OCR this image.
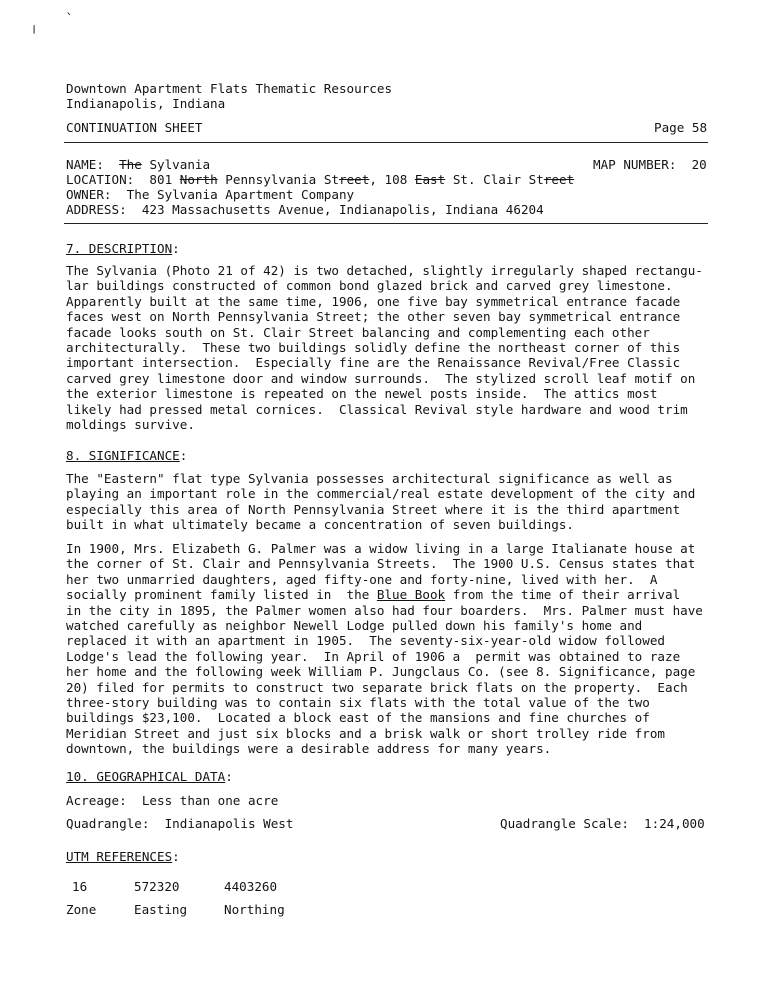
╷ `
Downtown Apartment Flats Thematic Resources
Indianapolis, Indiana
CONTINUATION SHEET	Page 58
NAME: The Sylvania	MAP NUMBER: 20
LOCATION: 801 North Pennsylvania Street, 108 East St. Clair Street
OWNER: The Sylvania Apartment Company
ADDRESS: 423 Massachusetts Avenue, Indianapolis, Indiana 46204
7. DESCRIPTION:
The Sylvania (Photo 21 of 42) is two detached, slightly irregularly shaped rectangu-
lar buildings constructed of common bond glazed brick and carved grey limestone.
Apparently built at the same time, 1906, one five bay symmetrical entrance facade
faces west on North Pennsylvania Street; the other seven bay symmetrical entrance
facade looks south on St. Clair Street balancing and complementing each other
architecturally.  These two buildings solidly define the northeast corner of this
important intersection.  Especially fine are the Renaissance Revival/Free Classic
carved grey limestone door and window surrounds.  The stylized scroll leaf motif on
the exterior limestone is repeated on the newel posts inside.  The attics most
likely had pressed metal cornices.  Classical Revival style hardware and wood trim
moldings survive.
8. SIGNIFICANCE:
The "Eastern" flat type Sylvania possesses architectural significance as well as
playing an important role in the commercial/real estate development of the city and
especially this area of North Pennsylvania Street where it is the third apartment
built in what ultimately became a concentration of seven buildings.
In 1900, Mrs. Elizabeth G. Palmer was a widow living in a large Italianate house at
the corner of St. Clair and Pennsylvania Streets.  The 1900 U.S. Census states that
her two unmarried daughters, aged fifty-one and forty-nine, lived with her.  A
socially prominent family listed in  the Blue Book from the time of their arrival
in the city in 1895, the Palmer women also had four boarders.  Mrs. Palmer must have
watched carefully as neighbor Newell Lodge pulled down his family's home and
replaced it with an apartment in 1905.  The seventy-six-year-old widow followed
Lodge's lead the following year.  In April of 1906 a  permit was obtained to raze
her home and the following week William P. Jungclaus Co. (see 8. Significance, page
20) filed for permits to construct two separate brick flats on the property.  Each
three-story building was to contain six flats with the total value of the two
buildings $23,100.  Located a block east of the mansions and fine churches of
Meridian Street and just six blocks and a brisk walk or short trolley ride from
downtown, the buildings were a desirable address for many years.
10. GEOGRAPHICAL DATA:
Acreage:  Less than one acre
Quadrangle:  Indianapolis West	Quadrangle Scale:  1:24,000
UTM REFERENCES:
16	572320	4403260
Zone	Easting	Northing
